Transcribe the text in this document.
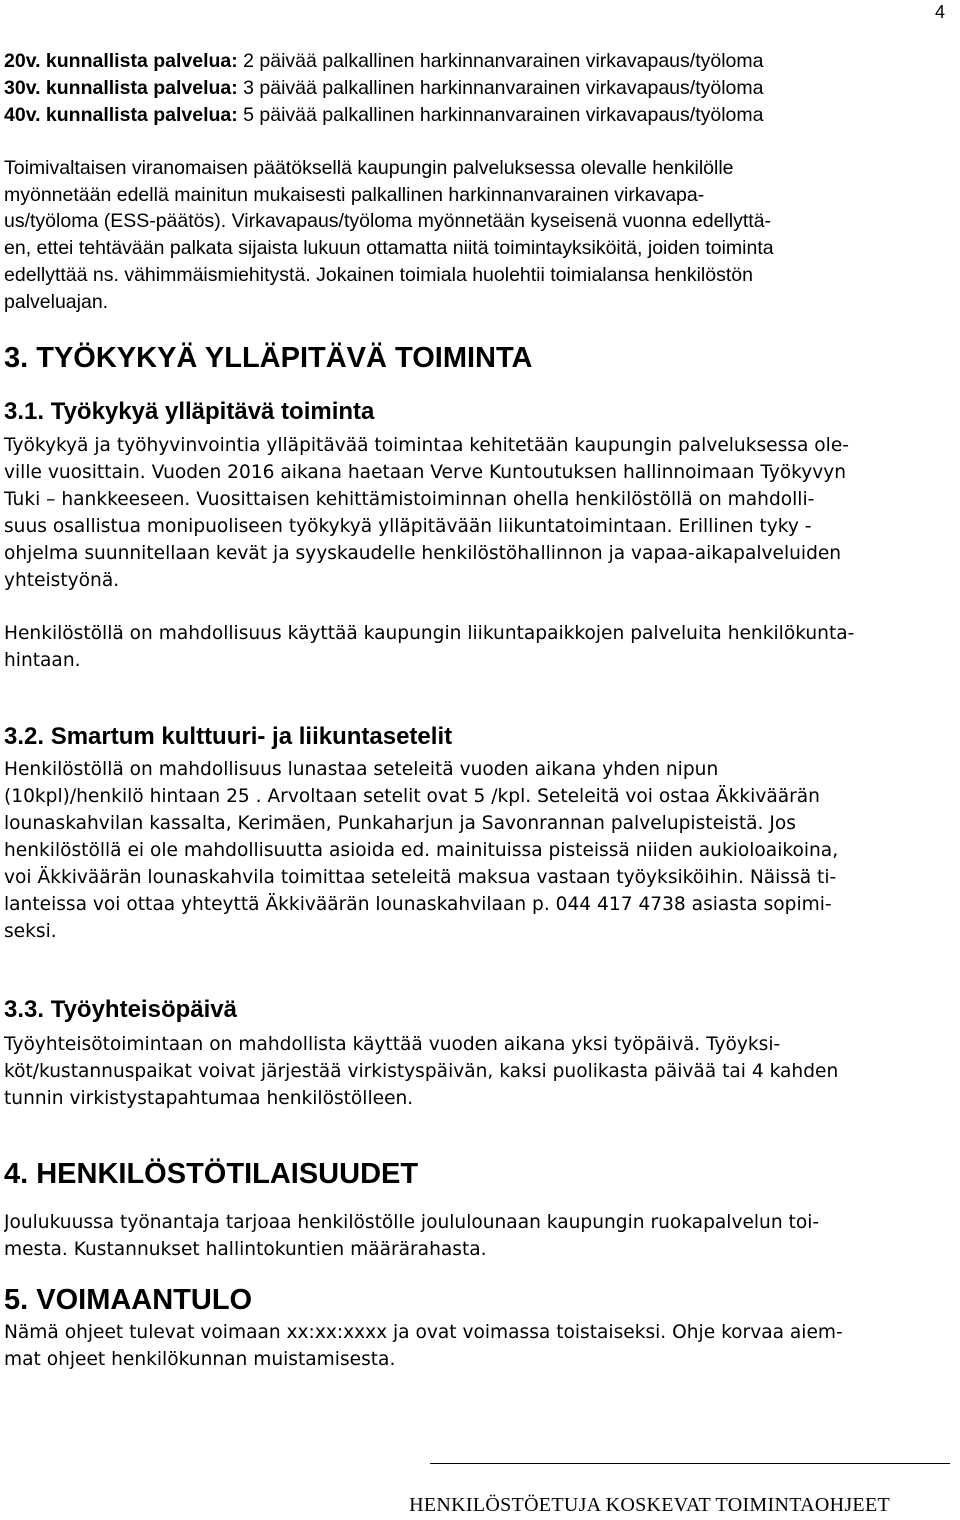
4

20v. kunnallista palvelua: 2 päivää palkallinen harkinnanvarainen virkavapaus/työloma

30v. kunnallista palvelua: 3 päivää palkallinen harkinnanvarainen virkavapaus/työloma

40v. kunnallista palvelua: 5 päivää palkallinen harkinnanvarainen virkavapaus/työloma

Toimivaltaisen viranomaisen päätöksellä kaupungin palveluksessa olevalle henkilölle

myönnetään edellä mainitun mukaisesti palkallinen harkinnanvarainen virkavapa-

us/työloma (ESS-päätös). Virkavapaus/työloma myönnetään kyseisenä vuonna edellyttä-

en, ettei tehtävään palkata sijaista lukuun ottamatta niitä toimintayksiköitä, joiden toiminta

edellyttää ns. vähimmäismiehitystä. Jokainen toimiala huolehtii toimialansa henkilöstön

palveluajan.

3. TYÖKYKYÄ YLLÄPITÄVÄ TOIMINTA
3.1. Työkykyä ylläpitävä toiminta

Työkykyä ja työhyvinvointia ylläpitävää toimintaa kehitetään kaupungin palveluksessa ole-

ville vuosittain. Vuoden 2016 aikana haetaan Verve Kuntoutuksen hallinnoimaan Työkyvyn

Tuki – hankkeeseen. Vuosittaisen kehittämistoiminnan ohella henkilöstöllä on mahdolli-

suus osallistua monipuoliseen työkykyä ylläpitävään liikuntatoimintaan. Erillinen tyky -

ohjelma suunnitellaan kevät ja syyskaudelle henkilöstöhallinnon ja vapaa-aikapalveluiden

yhteistyönä.

Henkilöstöllä on mahdollisuus käyttää kaupungin liikuntapaikkojen palveluita henkilökunta-

hintaan.

3.2. Smartum kulttuuri- ja liikuntasetelit

Henkilöstöllä on mahdollisuus lunastaa seteleitä vuoden aikana yhden nipun

(10kpl)/henkilö hintaan 25 . Arvoltaan setelit ovat 5 /kpl. Seteleitä voi ostaa Äkkiväärän

lounaskahvilan kassalta, Kerimäen, Punkaharjun ja Savonrannan palvelupisteistä. Jos

henkilöstöllä ei ole mahdollisuutta asioida ed. mainituissa pisteissä niiden aukioloaikoina,

voi Äkkiväärän lounaskahvila toimittaa seteleitä maksua vastaan työyksiköihin. Näissä ti-

lanteissa voi ottaa yhteyttä Äkkiväärän lounaskahvilaan p. 044 417 4738 asiasta sopimi-

seksi.

3.3. Työyhteisöpäivä

Työyhteisötoimintaan on mahdollista käyttää vuoden aikana yksi työpäivä. Työyksi-

köt/kustannuspaikat voivat järjestää virkistyspäivän, kaksi puolikasta päivää tai 4 kahden

tunnin virkistystapahtumaa henkilöstölleen.

4. HENKILÖSTÖTILAISUUDET

Joulukuussa työnantaja tarjoaa henkilöstölle joululounaan kaupungin ruokapalvelun toi-

mesta. Kustannukset hallintokuntien määrärahasta.

5. VOIMAANTULO

Nämä ohjeet tulevat voimaan xx:xx:xxxx ja ovat voimassa toistaiseksi. Ohje korvaa aiem-

mat ohjeet henkilökunnan muistamisesta.

HENKILÖSTÖETUJA KOSKEVAT TOIMINTAOHJEET
